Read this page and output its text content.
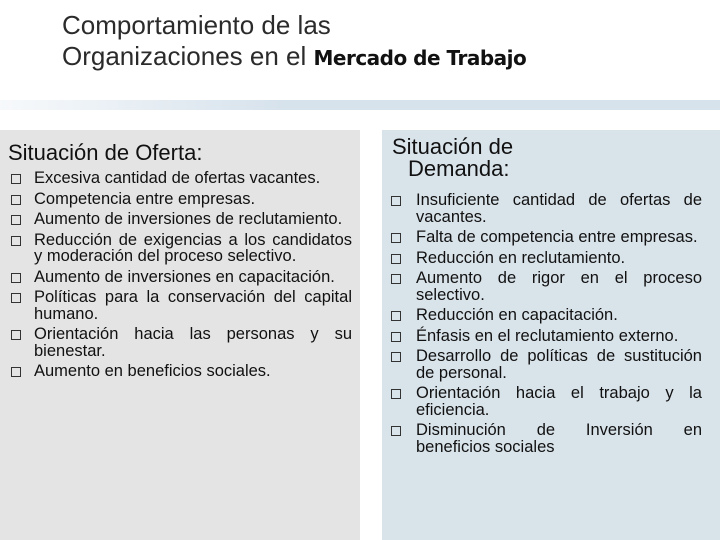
Comportamiento de las
Organizaciones en el Mercado de Trabajo
Situación de Oferta:
Excesiva cantidad de ofertas vacantes.
Competencia entre empresas.
Aumento de inversiones de reclutamiento.
Reducción de exigencias a los candidatos y moderación del proceso selectivo.
Aumento de inversiones en capacitación.
Políticas para la conservación del capital humano.
Orientación hacia las personas y su bienestar.
Aumento en beneficios sociales.
Situación de
Demanda:
Insuficiente cantidad de ofertas de vacantes.
Falta de competencia entre empresas.
Reducción en reclutamiento.
Aumento de rigor en el proceso selectivo.
Reducción en capacitación.
Énfasis en el reclutamiento externo.
Desarrollo de políticas de sustitución de personal.
Orientación hacia el trabajo y la eficiencia.
Disminución de Inversión en beneficios sociales
